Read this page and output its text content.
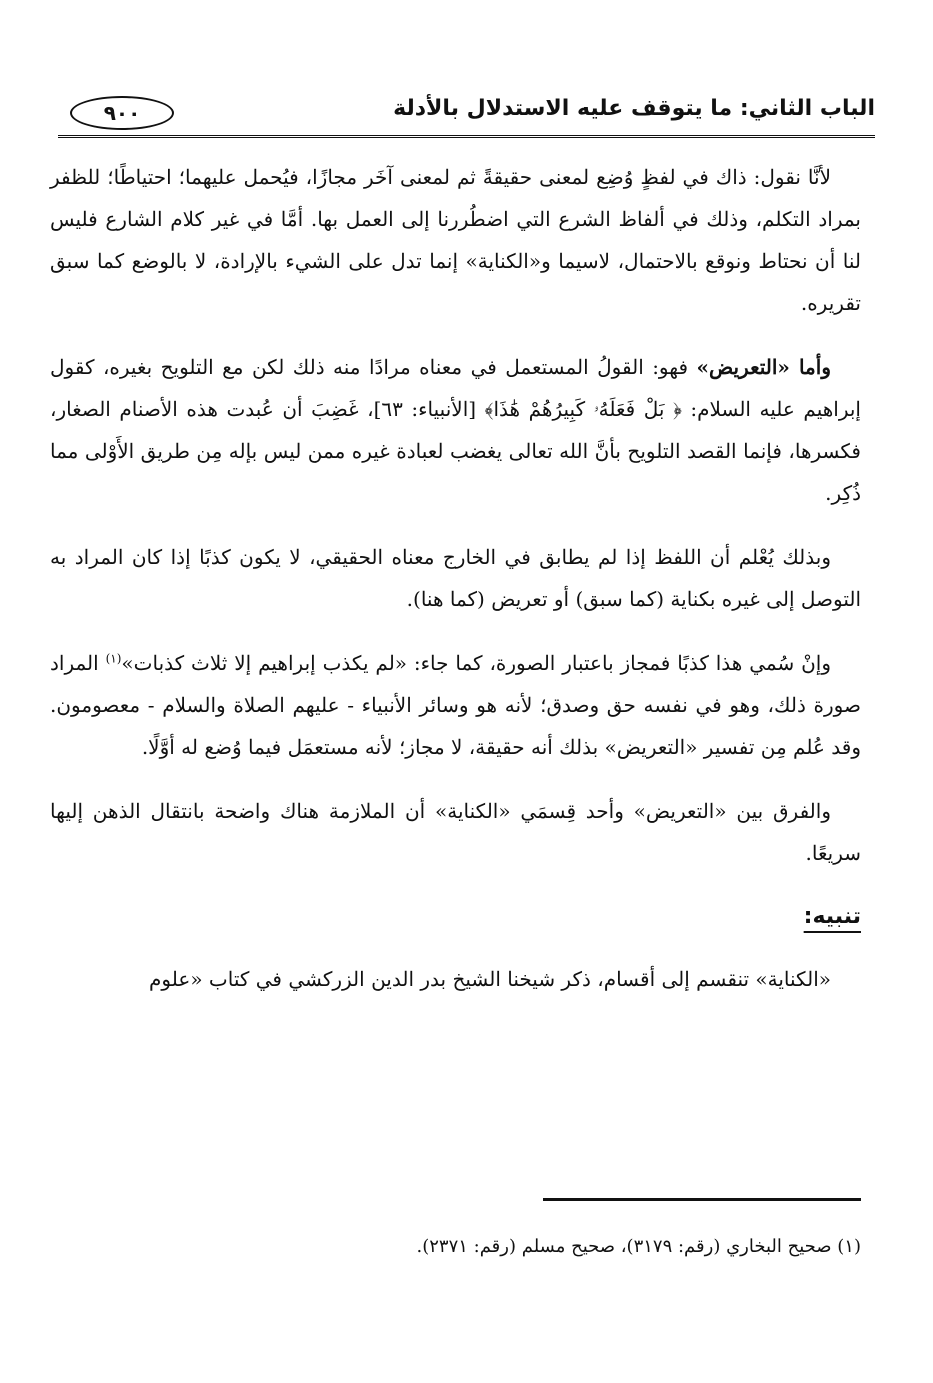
الباب الثاني: ما يتوقف عليه الاستدلال بالأدلة
٩٠٠

لأنَّا نقول: ذاك في لفظٍ وُضِع لمعنى حقيقةً ثم لمعنى آخَر مجازًا، فيُحمل عليهما؛ احتياطًا؛ للظفر بمراد التكلم، وذلك في ألفاظ الشرع التي اضطُررنا إلى العمل بها. أمَّا في غير كلام الشارع فليس لنا أن نحتاط ونوقع بالاحتمال، لاسيما و«الكناية» إنما تدل على الشيء بالإرادة، لا بالوضع كما سبق تقريره.

وأما «التعريض» فهو: القولُ المستعمل في معناه مرادًا منه ذلك لكن مع التلويح بغيره، كقول إبراهيم عليه السلام: ﴿ بَلْ فَعَلَهُۥ كَبِيرُهُمْ هَٰذَا﴾ [الأنبياء: ٦٣]، غَضِبَ أن عُبدت هذه الأصنام الصغار، فكسرها، فإنما القصد التلويح بأنَّ الله تعالى يغضب لعبادة غيره ممن ليس بإله مِن طريق الأَوْلى مما ذُكِر.

وبذلك يُعْلم أن اللفظ إذا لم يطابق في الخارج معناه الحقيقي، لا يكون كذبًا إذا كان المراد به التوصل إلى غيره بكناية (كما سبق) أو تعريض (كما هنا).

وإنْ سُمي هذا كذبًا فمجاز باعتبار الصورة، كما جاء: «لم يكذب إبراهيم إلا ثلاث كذبات»$^{(١)}$ المراد صورة ذلك، وهو في نفسه حق وصدق؛ لأنه هو وسائر الأنبياء - عليهم الصلاة والسلام - معصومون. وقد عُلم مِن تفسير «التعريض» بذلك أنه حقيقة، لا مجاز؛ لأنه مستعمَل فيما وُضع له أوَّلًا.

والفرق بين «التعريض» وأحد قِسمَي «الكناية» أن الملازمة هناك واضحة بانتقال الذهن إليها سريعًا.

تنبيه:

«الكناية» تنقسم إلى أقسام، ذكر شيخنا الشيخ بدر الدين الزركشي في كتاب «علوم

(١) صحيح البخاري (رقم: ٣١٧٩)، صحيح مسلم (رقم: ٢٣٧١).
